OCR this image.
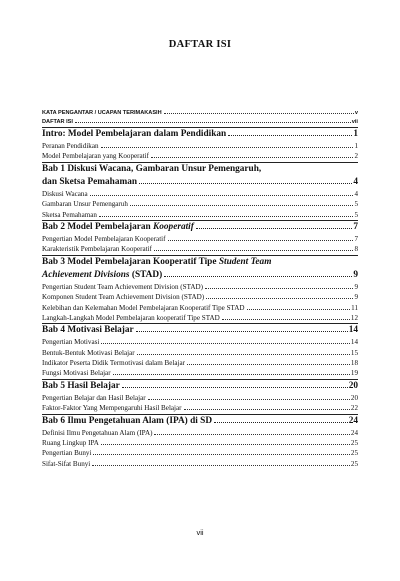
DAFTAR ISI
KATA PENGANTAR / UCAPAN TERIMAKASIH	v
DAFTAR ISI	vii
Intro: Model Pembelajaran dalam Pendidikan	1
Peranan Pendidikan	1
Model Pembelajaran yang Kooperatif	2
Bab 1 Diskusi Wacana, Gambaran Unsur Pemengaruh,
dan Sketsa Pemahaman	4
Diskusi Wacana	4
Gambaran Unsur Pemengaruh	5
Sketsa Pemahaman	5
Bab 2 Model Pembelajaran Kooperatif	7
Pengertian Model Pembelajaran Kooperatif	7
Karakteristik Pembelajaran Kooperatif	8
Bab 3 Model Pembelajaran Kooperatif Tipe Student Team
Achievement Divisions (STAD)	9
Pengertian Student Team Achievement Division (STAD)	9
Komponen Student Team Achievement Division (STAD)	9
Kelebihan dan Kelemahan Model Pembelajaran Kooperatif Tipe STAD	11
Langkah-Langkah Model Pembelajaran kooperatif Tipe STAD	12
Bab 4 Motivasi Belajar	14
Pengertian Motivasi	14
Bentuk-Bentuk Motivasi Belajar	15
Indikator Peserta Didik Termotivasi dalam Belajar	18
Fungsi Motivasi Belajar	19
Bab 5 Hasil Belajar	20
Pengertian Belajar dan Hasil Belajar	20
Faktor-Faktor Yang Mempengaruhi Hasil Belajar	22
Bab 6 Ilmu Pengetahuan Alam (IPA) di SD	24
Definisi Ilmu Pengetahuan Alam (IPA)	24
Ruang Lingkup IPA	25
Pengertian Bunyi	25
Sifat-Sifat Bunyi	25
vii
